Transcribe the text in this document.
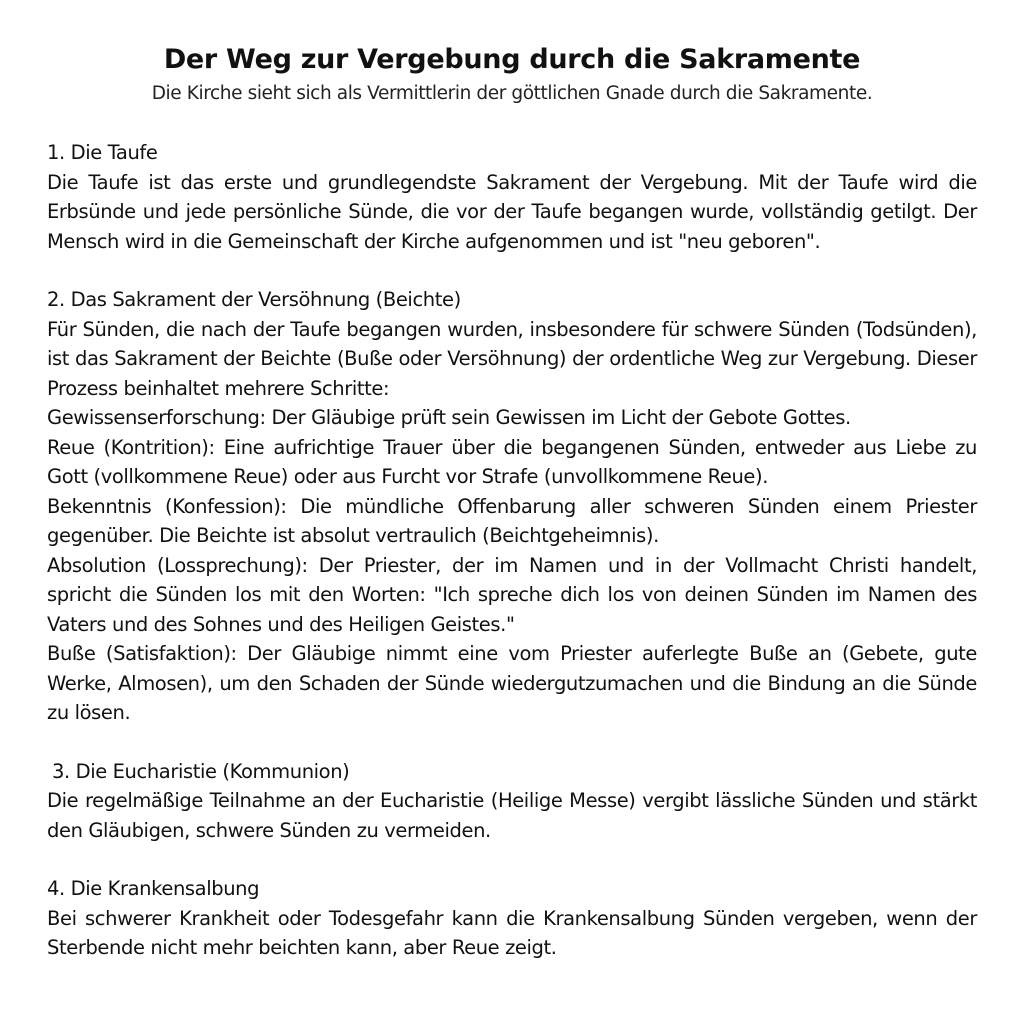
Der Weg zur Vergebung durch die Sakramente

Die Kirche sieht sich als Vermittlerin der göttlichen Gnade durch die Sakramente.

1. Die Taufe

Die Taufe ist das erste und grundlegendste Sakrament der Vergebung. Mit der Taufe wird die Erbsünde und jede persönliche Sünde, die vor der Taufe begangen wurde, vollständig getilgt. Der Mensch wird in die Gemeinschaft der Kirche aufgenommen und ist "neu geboren".

2. Das Sakrament der Versöhnung (Beichte)

Für Sünden, die nach der Taufe begangen wurden, insbesondere für schwere Sünden (Todsünden), ist das Sakrament der Beichte (Buße oder Versöhnung) der ordentliche Weg zur Vergebung. Dieser Prozess beinhaltet mehrere Schritte:

Gewissenserforschung: Der Gläubige prüft sein Gewissen im Licht der Gebote Gottes.

Reue (Kontrition): Eine aufrichtige Trauer über die begangenen Sünden, entweder aus Liebe zu Gott (vollkommene Reue) oder aus Furcht vor Strafe (unvollkommene Reue).

Bekenntnis (Konfession): Die mündliche Offenbarung aller schweren Sünden einem Priester gegenüber. Die Beichte ist absolut vertraulich (Beichtgeheimnis).

Absolution (Lossprechung): Der Priester, der im Namen und in der Vollmacht Christi handelt, spricht die Sünden los mit den Worten: "Ich spreche dich los von deinen Sünden im Namen des Vaters und des Sohnes und des Heiligen Geistes."

Buße (Satisfaktion): Der Gläubige nimmt eine vom Priester auferlegte Buße an (Gebete, gute Werke, Almosen), um den Schaden der Sünde wiedergutzumachen und die Bindung an die Sünde zu lösen.

3. Die Eucharistie (Kommunion)

Die regelmäßige Teilnahme an der Eucharistie (Heilige Messe) vergibt lässliche Sünden und stärkt den Gläubigen, schwere Sünden zu vermeiden.

4. Die Krankensalbung

Bei schwerer Krankheit oder Todesgefahr kann die Krankensalbung Sünden vergeben, wenn der Sterbende nicht mehr beichten kann, aber Reue zeigt.
